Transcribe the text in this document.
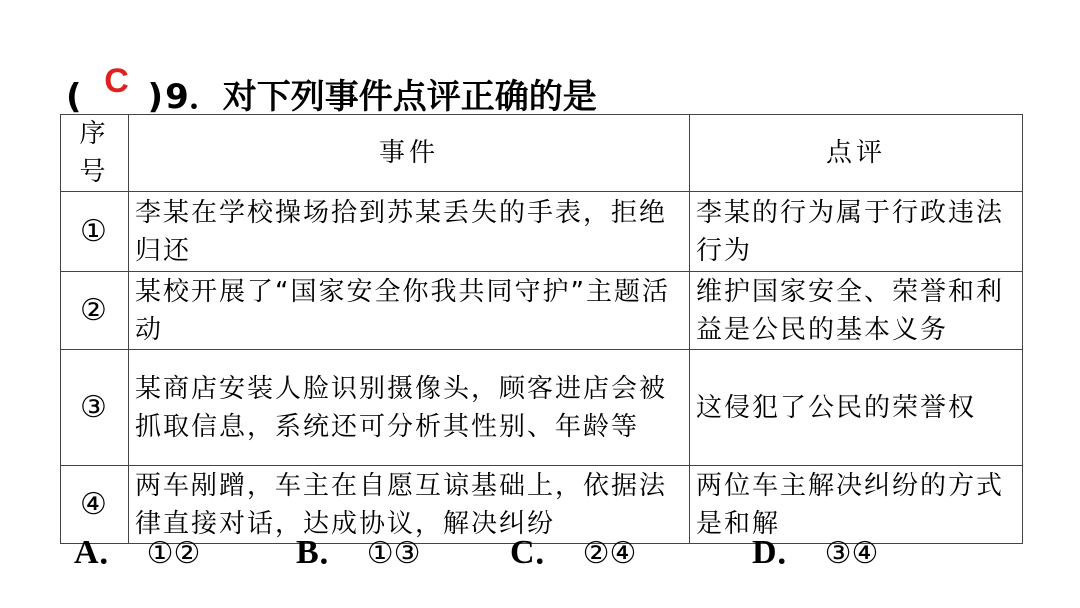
( C ) 9．对下列事件点评正确的是
序号	事件	点评
①	李某在学校操场拾到苏某丢失的手表，拒绝归还	李某的行为属于行政违法行为
②	某校开展了“国家安全你我共同守护”主题活动	维护国家安全、荣誉和利益是公民的基本义务
③	某商店安装人脸识别摄像头，顾客进店会被抓取信息，系统还可分析其性别、年龄等	这侵犯了公民的荣誉权
④	两车剐蹭，车主在自愿互谅基础上，依据法律直接对话，达成协议，解决纠纷	两位车主解决纠纷的方式是和解
A． ①②	B． ①③	C． ②④	D． ③④
